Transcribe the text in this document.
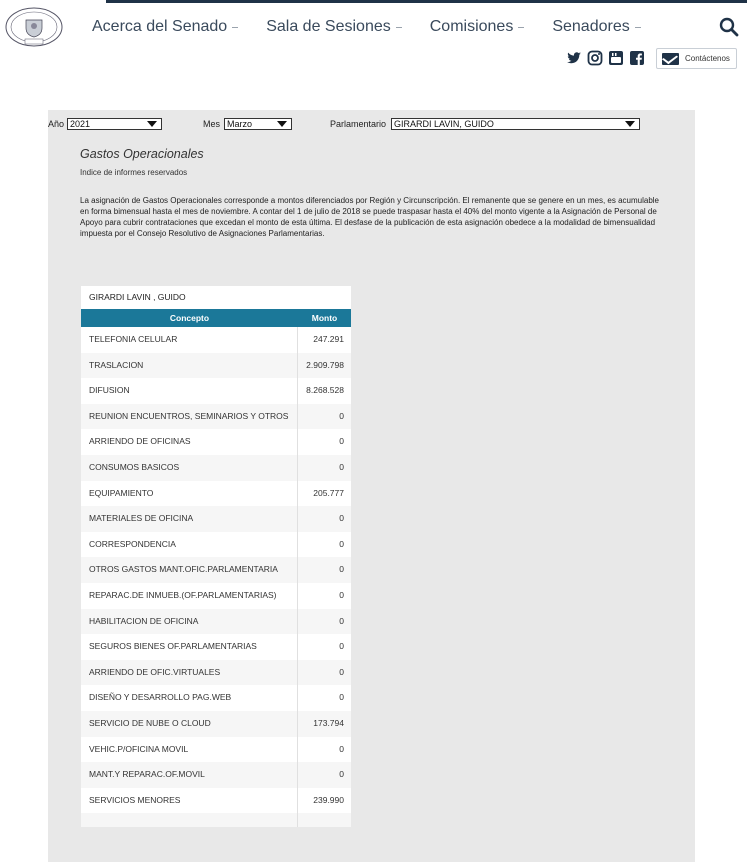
Acerca del Senado Sala de Sesiones Comisiones Senadores
Contáctenos
Año 2021	Mes Marzo	Parlamentario GIRARDI LAVIN, GUIDO
Gastos Operacionales
Indice de informes reservados
La asignación de Gastos Operacionales corresponde a montos diferenciados por Región y Circunscripción. El remanente que se genere en un mes, es acumulable en forma bimensual hasta el mes de noviembre. A contar del 1 de julio de 2018 se puede traspasar hasta el 40% del monto vigente a la Asignación de Personal de Apoyo para cubrir contrataciones que excedan el monto de esta última. El desfase de la publicación de esta asignación obedece a la modalidad de bimensualidad impuesta por el Consejo Resolutivo de Asignaciones Parlamentarias.
GIRARDI LAVIN , GUIDO
Concepto	Monto
TELEFONIA CELULAR	247.291
TRASLACION	2.909.798
DIFUSION	8.268.528
REUNION ENCUENTROS, SEMINARIOS Y OTROS	0
ARRIENDO DE OFICINAS	0
CONSUMOS BASICOS	0
EQUIPAMIENTO	205.777
MATERIALES DE OFICINA	0
CORRESPONDENCIA	0
OTROS GASTOS MANT.OFIC.PARLAMENTARIA	0
REPARAC.DE INMUEB.(OF.PARLAMENTARIAS)	0
HABILITACION DE OFICINA	0
SEGUROS BIENES OF.PARLAMENTARIAS	0
ARRIENDO DE OFIC.VIRTUALES	0
DISEÑO Y DESARROLLO PAG.WEB	0
SERVICIO DE NUBE O CLOUD	173.794
VEHIC.P/OFICINA MOVIL	0
MANT.Y REPARAC.OF.MOVIL	0
SERVICIOS MENORES	239.990
